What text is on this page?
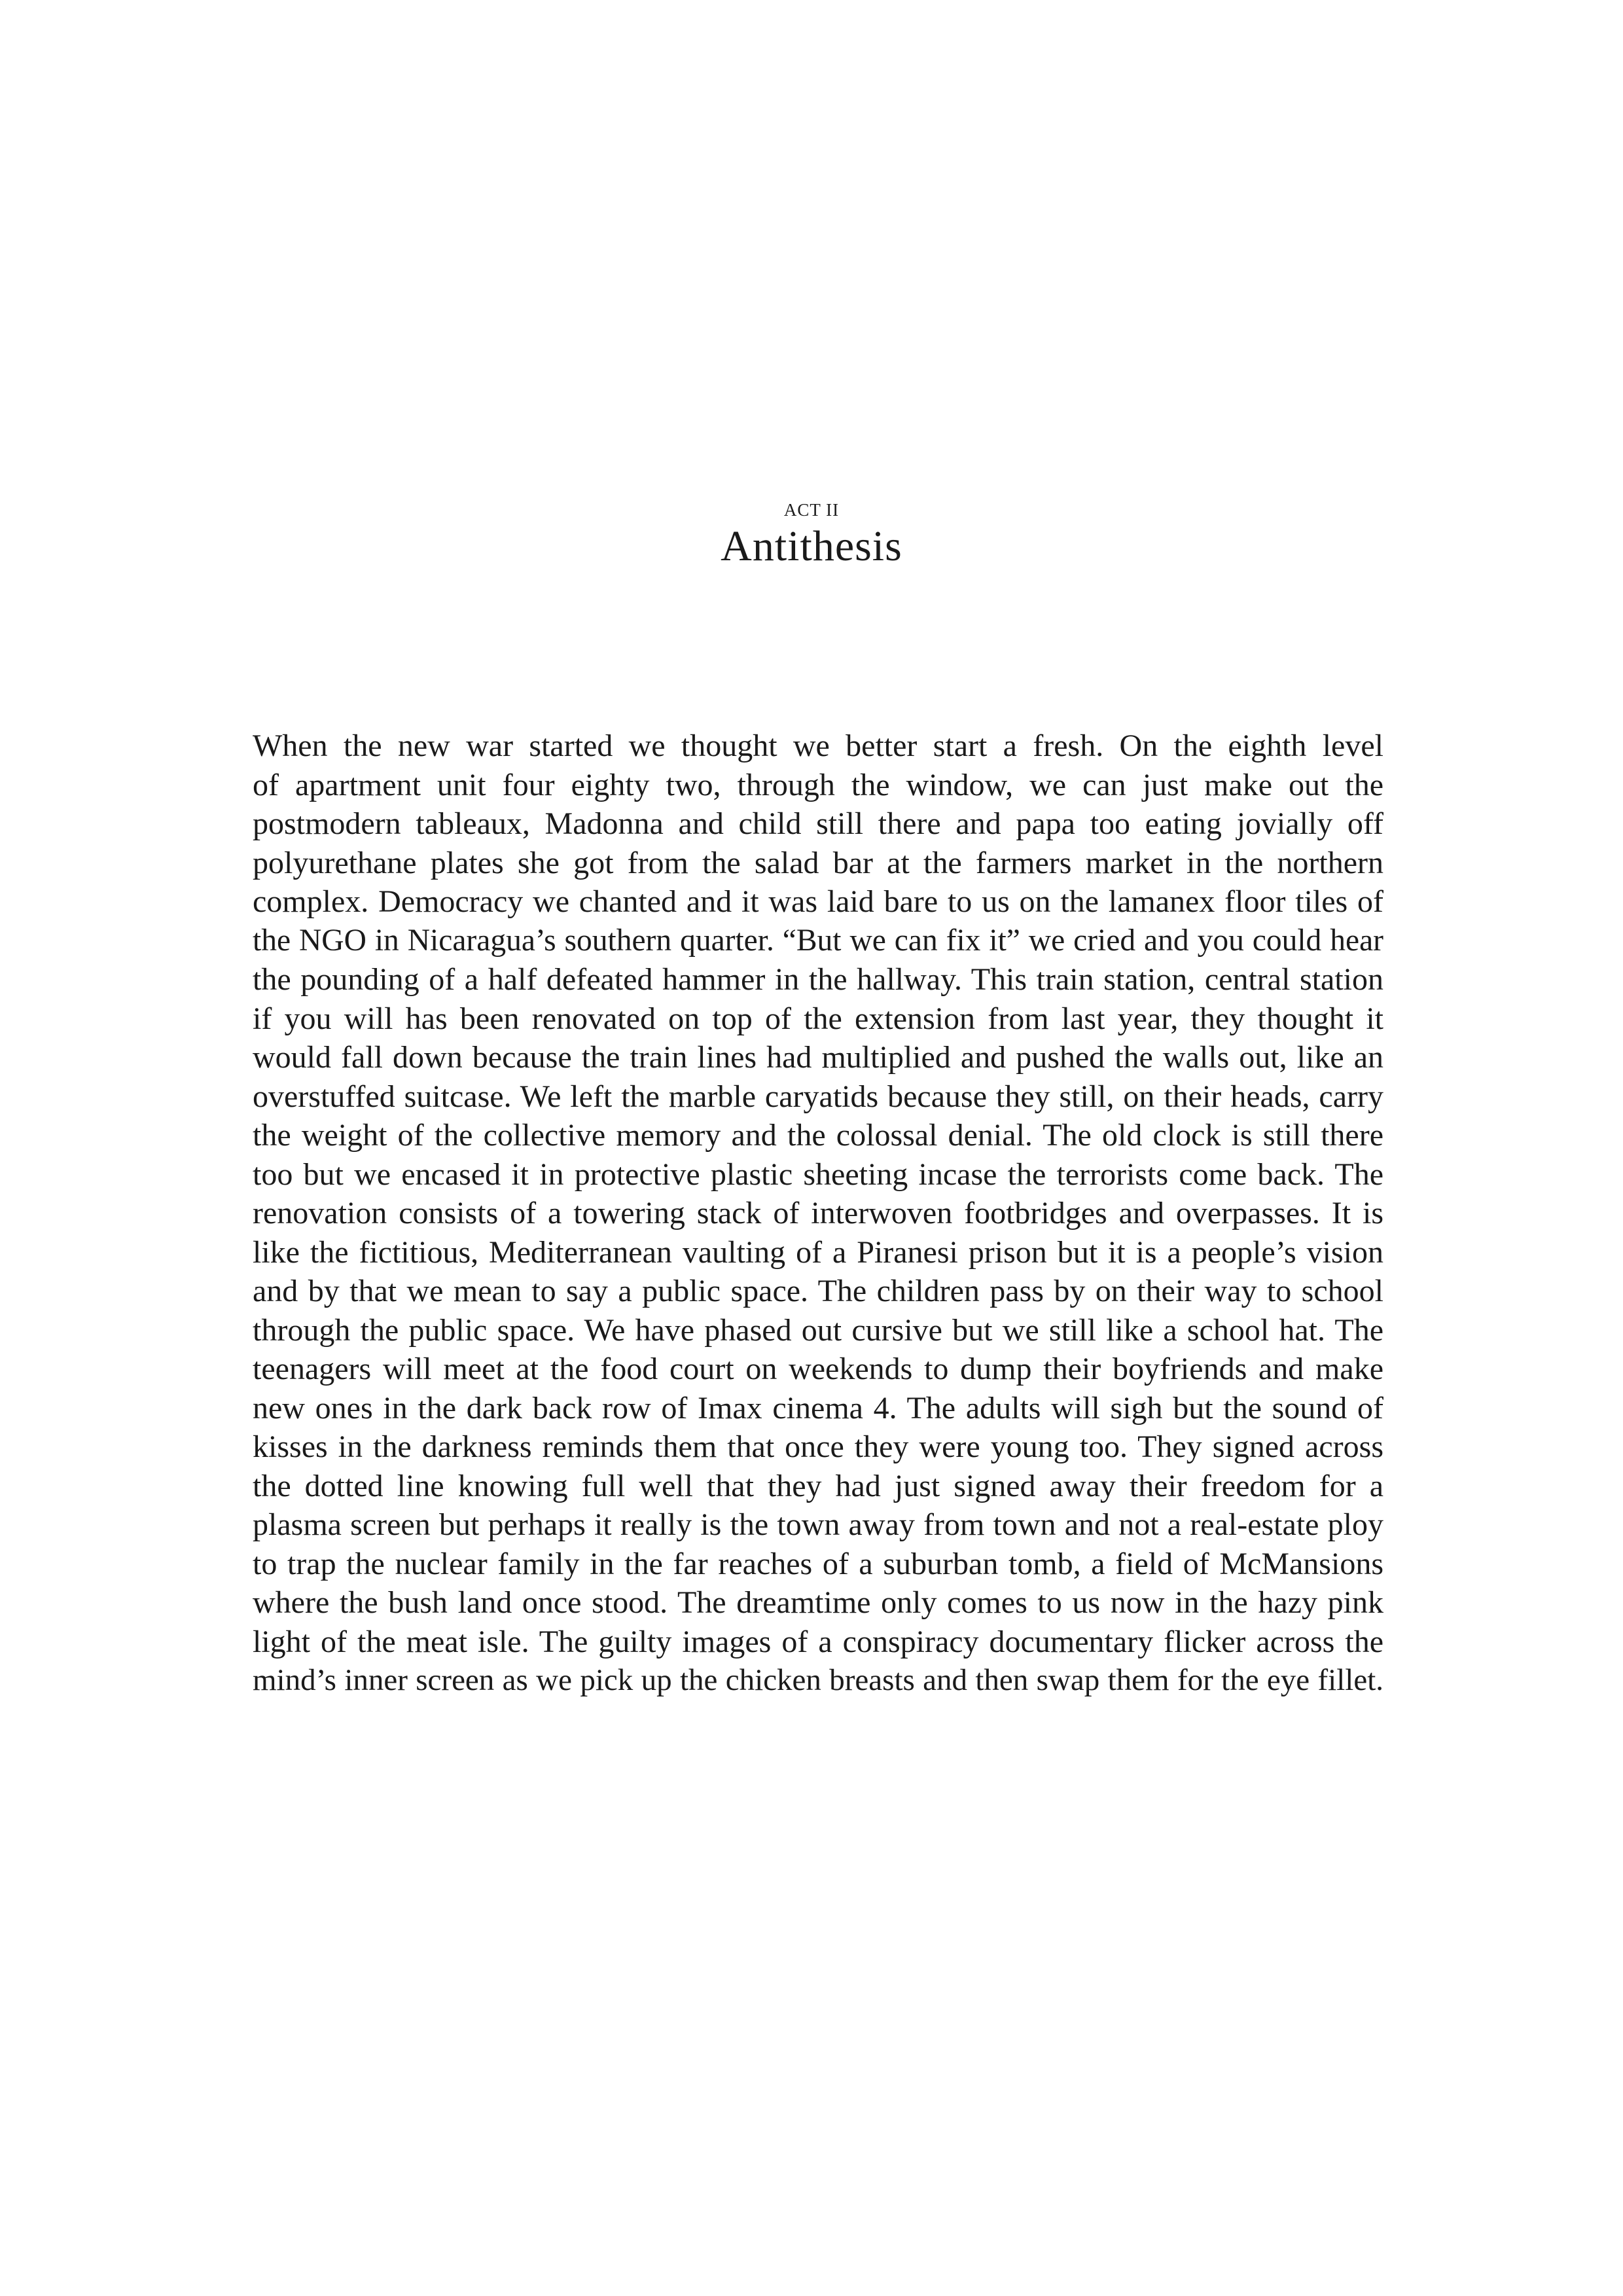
ACT II
Antithesis
When the new war started we thought we better start a fresh. On the eighth level
of apartment unit four eighty two, through the window, we can just make out the
postmodern tableaux, Madonna and child still there and papa too eating jovially off
polyurethane plates she got from the salad bar at the farmers market in the northern
complex. Democracy we chanted and it was laid bare to us on the lamanex floor tiles of
the NGO in Nicaragua’s southern quarter. “But we can fix it” we cried and you could hear
the pounding of a half defeated hammer in the hallway. This train station, central station
if you will has been renovated on top of the extension from last year, they thought it
would fall down because the train lines had multiplied and pushed the walls out, like an
overstuffed suitcase. We left the marble caryatids because they still, on their heads, carry
the weight of the collective memory and the colossal denial. The old clock is still there
too but we encased it in protective plastic sheeting incase the terrorists come back. The
renovation consists of a towering stack of interwoven footbridges and overpasses. It is
like the fictitious, Mediterranean vaulting of a Piranesi prison but it is a people’s vision
and by that we mean to say a public space. The children pass by on their way to school
through the public space. We have phased out cursive but we still like a school hat. The
teenagers will meet at the food court on weekends to dump their boyfriends and make
new ones in the dark back row of Imax cinema 4. The adults will sigh but the sound of
kisses in the darkness reminds them that once they were young too. They signed across
the dotted line knowing full well that they had just signed away their freedom for a
plasma screen but perhaps it really is the town away from town and not a real-estate ploy
to trap the nuclear family in the far reaches of a suburban tomb, a field of McMansions
where the bush land once stood. The dreamtime only comes to us now in the hazy pink
light of the meat isle. The guilty images of a conspiracy documentary flicker across the
mind’s inner screen as we pick up the chicken breasts and then swap them for the eye fillet.
